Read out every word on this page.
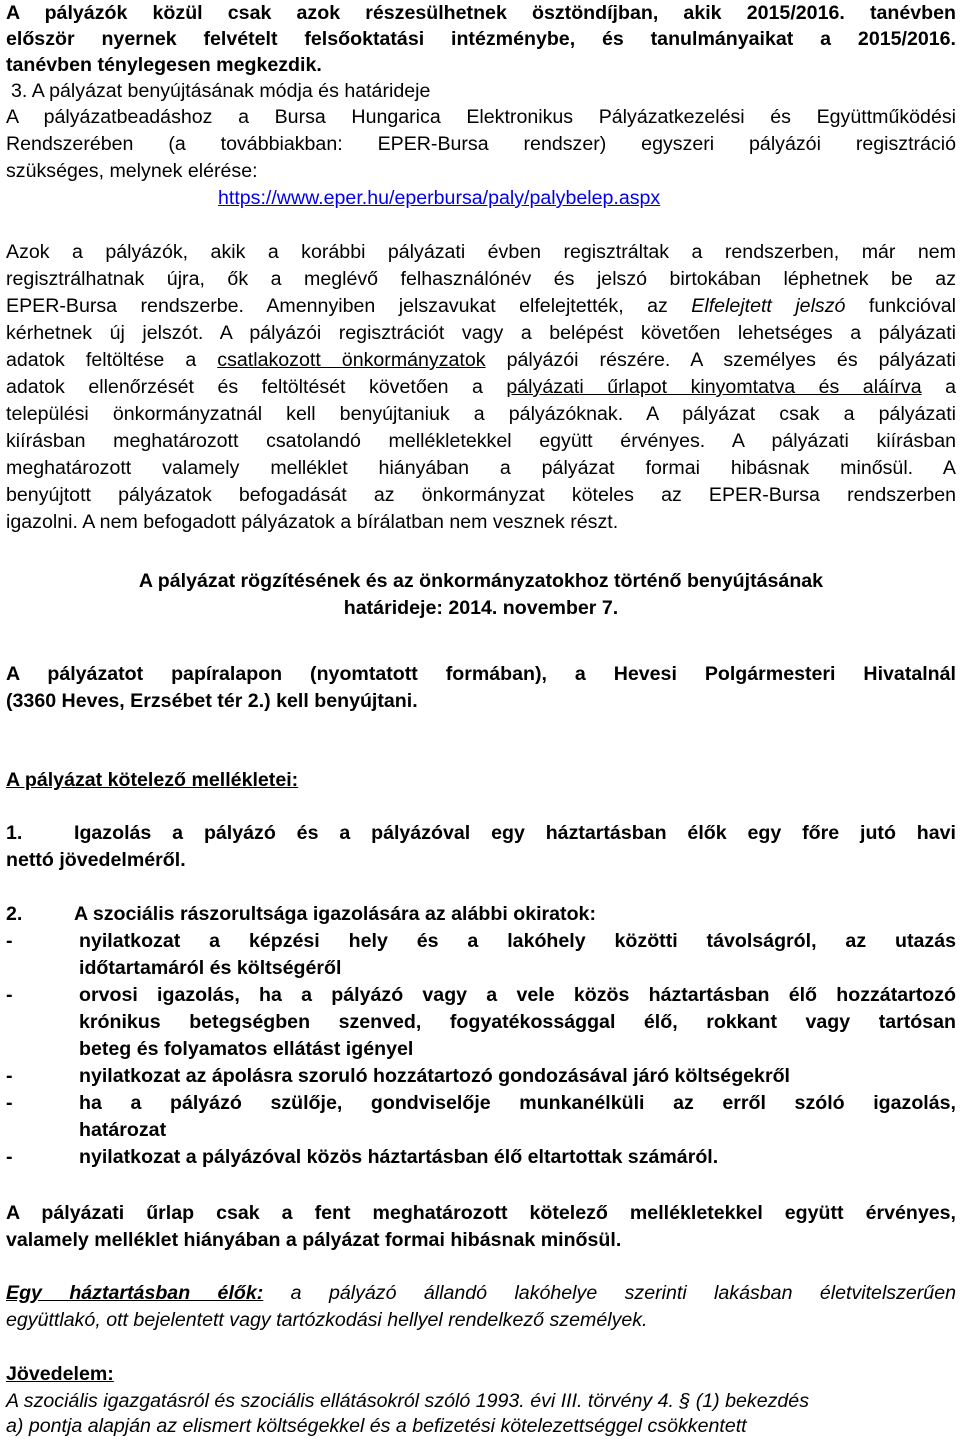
A pályázók közül csak azok részesülhetnek ösztöndíjban, akik 2015/2016. tanévben
először nyernek felvételt felsőoktatási intézménybe, és tanulmányaikat a 2015/2016.
tanévben ténylegesen megkezdik.
3. A pályázat benyújtásának módja és határideje
A pályázatbeadáshoz a Bursa Hungarica Elektronikus Pályázatkezelési és Együttműködési
Rendszerében (a továbbiakban: EPER-Bursa rendszer) egyszeri pályázói regisztráció
szükséges, melynek elérése:
https://www.eper.hu/eperbursa/paly/palybelep.aspx
Azok a pályázók, akik a korábbi pályázati évben regisztráltak a rendszerben, már nem
regisztrálhatnak újra, ők a meglévő felhasználónév és jelszó birtokában léphetnek be az
EPER-Bursa rendszerbe. Amennyiben jelszavukat elfelejtették, az Elfelejtett jelszó funkcióval
kérhetnek új jelszót. A pályázói regisztrációt vagy a belépést követően lehetséges a pályázati
adatok feltöltése a csatlakozott önkormányzatok pályázói részére. A személyes és pályázati
adatok ellenőrzését és feltöltését követően a pályázati űrlapot kinyomtatva és aláírva a
települési önkormányzatnál kell benyújtaniuk a pályázóknak. A pályázat csak a pályázati
kiírásban meghatározott csatolandó mellékletekkel együtt érvényes. A pályázati kiírásban
meghatározott valamely melléklet hiányában a pályázat formai hibásnak minősül. A
benyújtott pályázatok befogadását az önkormányzat köteles az EPER-Bursa rendszerben
igazolni. A nem befogadott pályázatok a bírálatban nem vesznek részt.
A pályázat rögzítésének és az önkormányzatokhoz történő benyújtásának
határideje: 2014. november 7.
A pályázatot papíralapon (nyomtatott formában), a Hevesi Polgármesteri Hivatalnál
(3360 Heves, Erzsébet tér 2.) kell benyújtani.
A pályázat kötelező mellékletei:
1.	Igazolás a pályázó és a pályázóval egy háztartásban élők egy főre jutó havi
nettó jövedelméről.
2.	A szociális rászorultsága igazolására az alábbi okiratok:
-	nyilatkozat a képzési hely és a lakóhely közötti távolságról, az utazás
időtartamáról és költségéről
-	orvosi igazolás, ha a pályázó vagy a vele közös háztartásban élő hozzátartozó
krónikus betegségben szenved, fogyatékossággal élő, rokkant vagy tartósan
beteg és folyamatos ellátást igényel
-	nyilatkozat az ápolásra szoruló hozzátartozó gondozásával járó költségekről
-	ha a pályázó szülője, gondviselője munkanélküli az erről szóló igazolás,
határozat
-	nyilatkozat a pályázóval közös háztartásban élő eltartottak számáról.
A pályázati űrlap csak a fent meghatározott kötelező mellékletekkel együtt érvényes,
valamely melléklet hiányában a pályázat formai hibásnak minősül.
Egy háztartásban élők: a pályázó állandó lakóhelye szerinti lakásban életvitelszerűen
együttlakó, ott bejelentett vagy tartózkodási hellyel rendelkező személyek.
Jövedelem:
A szociális igazgatásról és szociális ellátásokról szóló 1993. évi III. törvény 4. § (1) bekezdés
a) pontja alapján az elismert költségekkel és a befizetési kötelezettséggel csökkentett
